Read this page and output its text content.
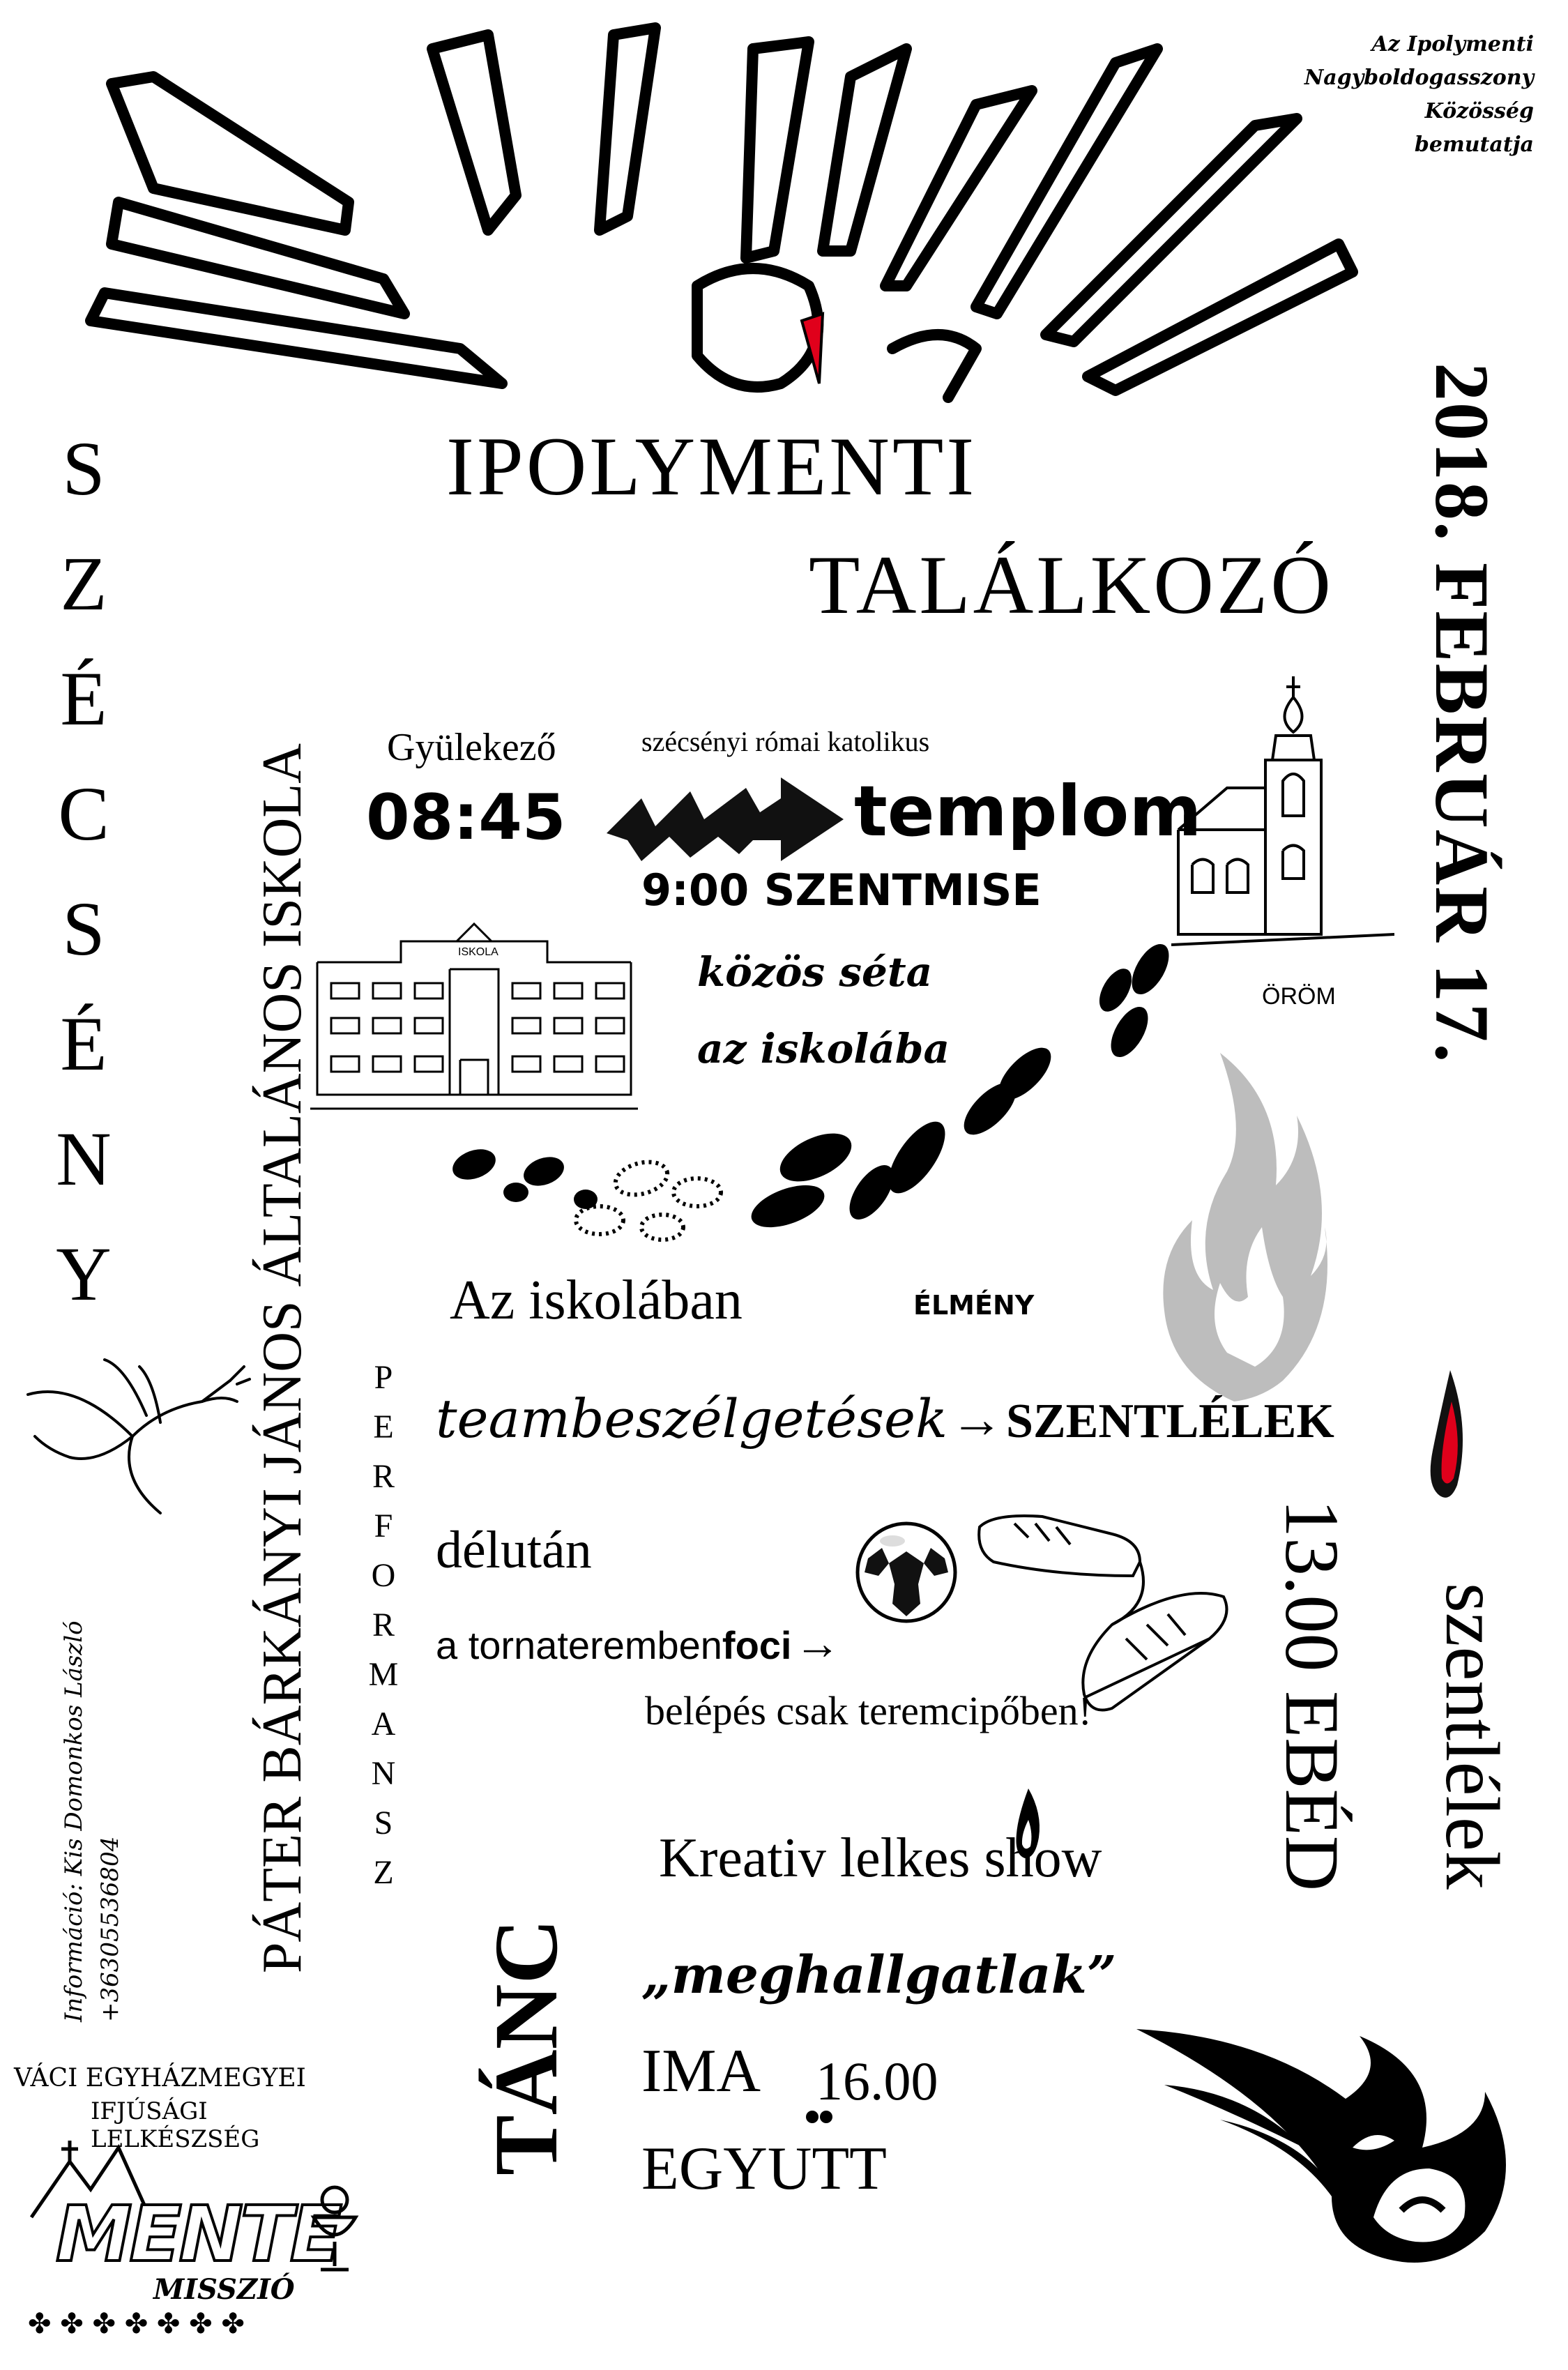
Az Ipolymenti
Nagyboldogasszony
Közösség
bemutatja
IPOLYMENTI
TALÁLKOZÓ 2018. FEBRUÁR 17.
S
Z
É
C
S
É
N
Y	PÁTER BÁRKÁNYI JÁNOS ÁLTALÁNOS ISKOLA
Információ: Kis Domonkos László +36305536804
Gyülekező	szécsényi római katolikus
08:45	templom
9:00 SZENTMISE
ISKOLA	közös séta
az iskolába
ÖRÖM
Az iskolában	ÉLMÉNY
teambeszélgetések → SZENTLÉLEK
P
E
R
F
O
R
M
A
N
S
Z
délután
a tornaterembenfoci →
belépés csak teremcipőben! 13.00 EBÉD szentlélek
TÁNC
Kreativ lelkes show
„meghallgatlak”
IMA 16.00
EGYUTT
VÁCI EGYHÁZMEGYEI
IFJÚSÁGI LELKÉSZSÉG
MENTE
MISSZIÓ
✤ ✤ ✤ ✤ ✤ ✤ ✤
